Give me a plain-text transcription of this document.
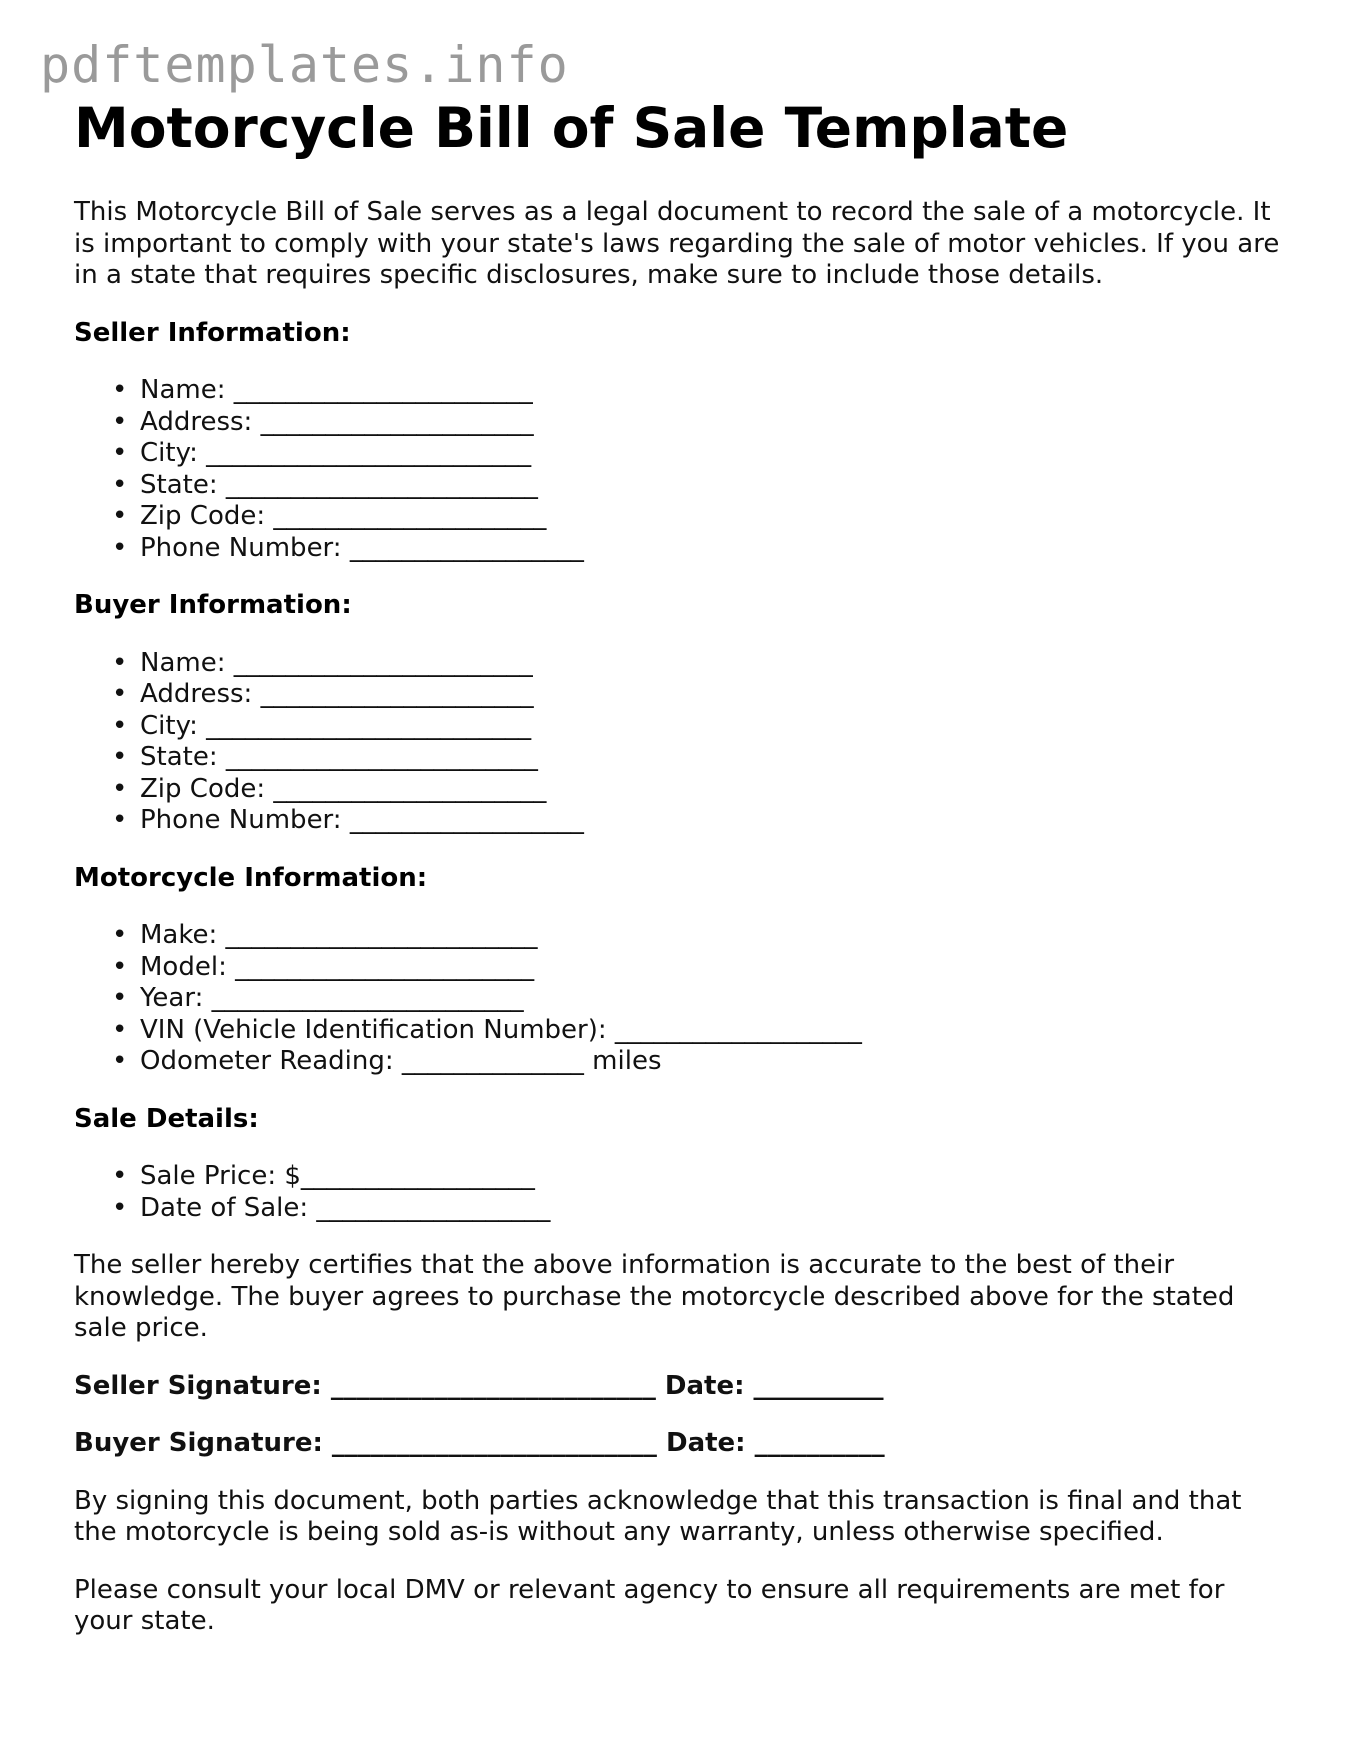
pdftemplates.info
Motorcycle Bill of Sale Template

This Motorcycle Bill of Sale serves as a legal document to record the sale of a motorcycle. It is important to comply with your state's laws regarding the sale of motor vehicles. If you are in a state that requires specific disclosures, make sure to include those details.

Seller Information:
• Name: _______________________
• Address: _____________________
• City: _________________________
• State: ________________________
• Zip Code: _____________________
• Phone Number: __________________
Buyer Information:
• Name: _______________________
• Address: _____________________
• City: _________________________
• State: ________________________
• Zip Code: _____________________
• Phone Number: __________________
Motorcycle Information:
• Make: ________________________
• Model: _______________________
• Year: ________________________
• VIN (Vehicle Identification Number): ___________________
• Odometer Reading: ______________ miles
Sale Details:
• Sale Price: $__________________
• Date of Sale: __________________

The seller hereby certifies that the above information is accurate to the best of their knowledge. The buyer agrees to purchase the motorcycle described above for the stated sale price.

Seller Signature: _________________________ Date: __________

Buyer Signature: _________________________ Date: __________

By signing this document, both parties acknowledge that this transaction is final and that the motorcycle is being sold as-is without any warranty, unless otherwise specified.

Please consult your local DMV or relevant agency to ensure all requirements are met for your state.
